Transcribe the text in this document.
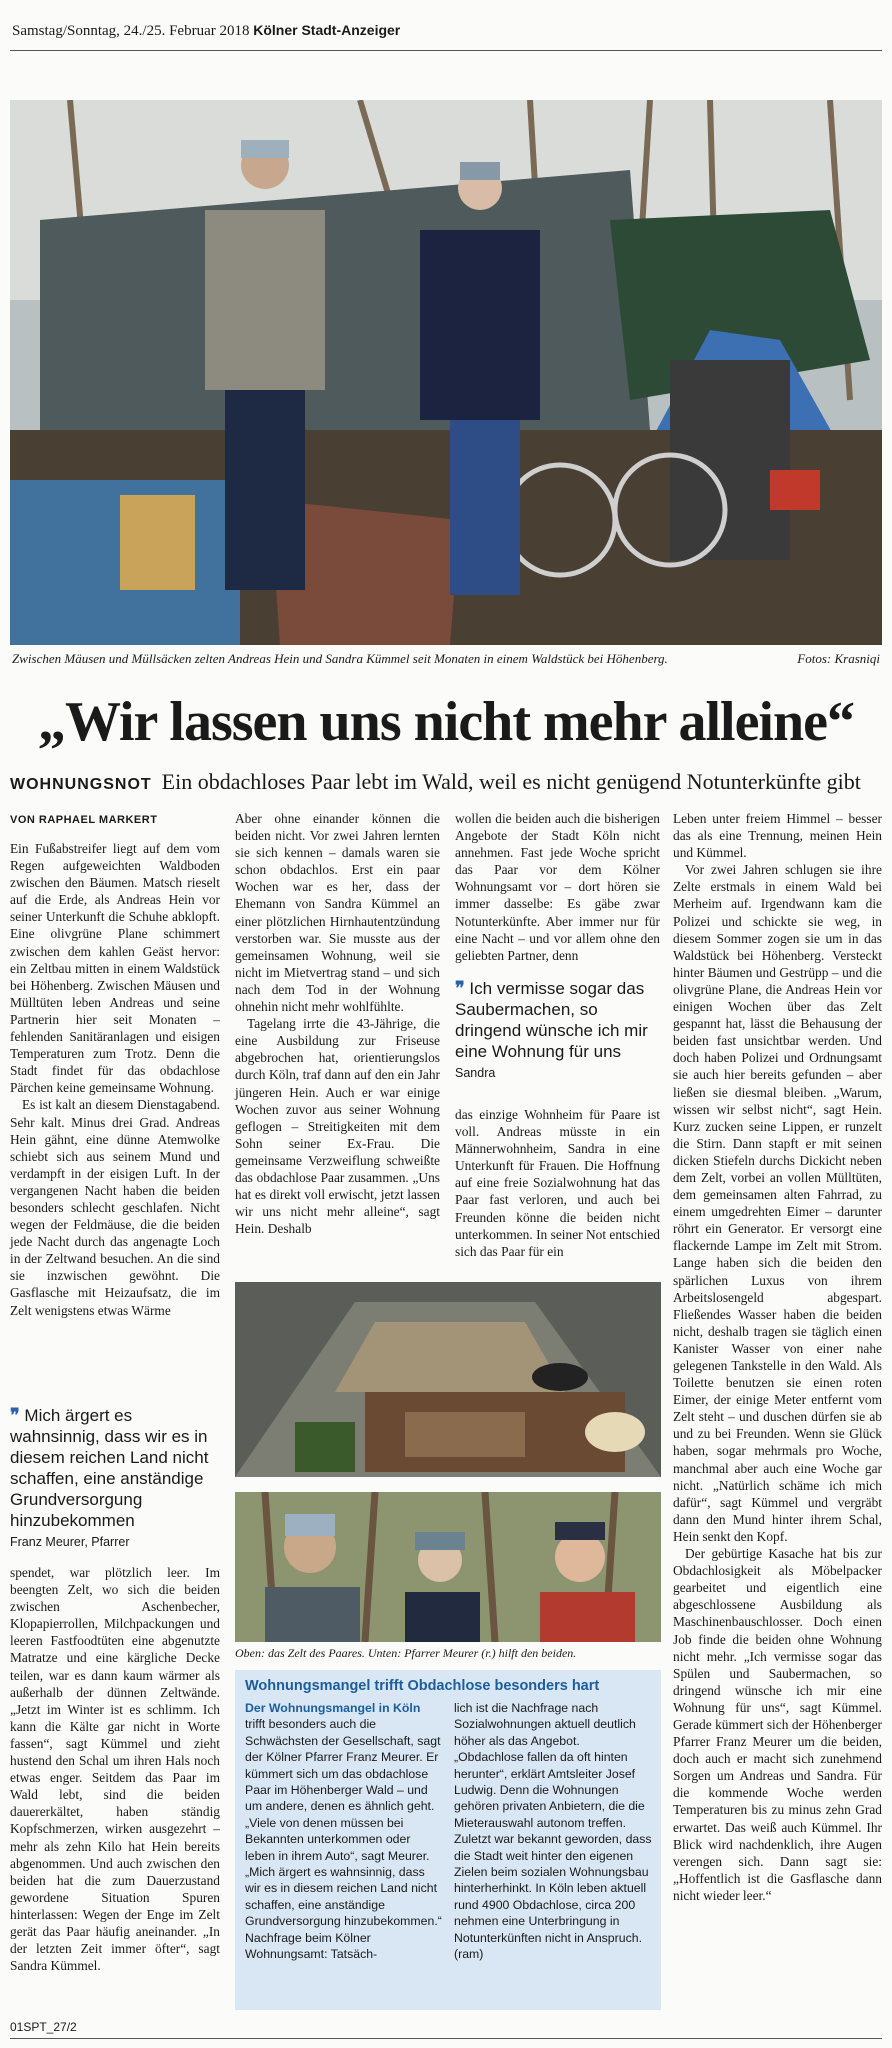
Samstag/Sonntag, 24./25. Februar 2018 Kölner Stadt-Anzeiger
Zwischen Mäusen und Müllsäcken zelten Andreas Hein und Sandra Kümmel seit Monaten in einem Waldstück bei Höhenberg.	Fotos: Krasniqi
„Wir lassen uns nicht mehr alleine“
WOHNUNGSNOT Ein obdachloses Paar lebt im Wald, weil es nicht genügend Notunterkünfte gibt
VON RAPHAEL MARKERT

Ein Fußabstreifer liegt auf dem vom Regen aufgeweichten Waldboden zwischen den Bäumen. Matsch rieselt auf die Erde, als Andreas Hein vor seiner Unterkunft die Schuhe abklopft. Eine olivgrüne Plane schimmert zwischen dem kahlen Geäst hervor: ein Zeltbau mitten in einem Waldstück bei Höhenberg. Zwischen Mäusen und Mülltüten leben Andreas und seine Partnerin hier seit Monaten – fehlenden Sanitäranlagen und eisigen Temperaturen zum Trotz. Denn die Stadt findet für das obdachlose Pärchen keine gemeinsame Wohnung.

Es ist kalt an diesem Dienstagabend. Sehr kalt. Minus drei Grad. Andreas Hein gähnt, eine dünne Atemwolke schiebt sich aus seinem Mund und verdampft in der eisigen Luft. In der vergangenen Nacht haben die beiden besonders schlecht geschlafen. Nicht wegen der Feldmäuse, die die beiden jede Nacht durch das angenagte Loch in der Zeltwand besuchen. An die sind sie inzwischen gewöhnt. Die Gasflasche mit Heizaufsatz, die im Zelt wenigstens etwas Wärme

❞ Mich ärgert es wahnsinnig, dass wir es in diesem reichen Land nicht schaffen, eine anständige Grundversorgung hinzubekommen
Franz Meurer, Pfarrer

spendet, war plötzlich leer. Im beengten Zelt, wo sich die beiden zwischen Aschenbecher, Klopapierrollen, Milchpackungen und leeren Fastfoodtüten eine abgenutzte Matratze und eine kärgliche Decke teilen, war es dann kaum wärmer als außerhalb der dünnen Zeltwände. „Jetzt im Winter ist es schlimm. Ich kann die Kälte gar nicht in Worte fassen“, sagt Kümmel und zieht hustend den Schal um ihren Hals noch etwas enger. Seitdem das Paar im Wald lebt, sind die beiden dauererkältet, haben ständig Kopfschmerzen, wirken ausgezehrt – mehr als zehn Kilo hat Hein bereits abgenommen. Und auch zwischen den beiden hat die zum Dauerzustand gewordene Situation Spuren hinterlassen: Wegen der Enge im Zelt gerät das Paar häufig aneinander. „In der letzten Zeit immer öfter“, sagt Sandra Kümmel.

Aber ohne einander können die beiden nicht. Vor zwei Jahren lernten sie sich kennen – damals waren sie schon obdachlos. Erst ein paar Wochen war es her, dass der Ehemann von Sandra Kümmel an einer plötzlichen Hirnhautentzündung verstorben war. Sie musste aus der gemeinsamen Wohnung, weil sie nicht im Mietvertrag stand – und sich nach dem Tod in der Wohnung ohnehin nicht mehr wohlfühlte.

Tagelang irrte die 43-Jährige, die eine Ausbildung zur Friseuse abgebrochen hat, orientierungslos durch Köln, traf dann auf den ein Jahr jüngeren Hein. Auch er war einige Wochen zuvor aus seiner Wohnung geflogen – Streitigkeiten mit dem Sohn seiner Ex-Frau. Die gemeinsame Verzweiflung schweißte das obdachlose Paar zusammen. „Uns hat es direkt voll erwischt, jetzt lassen wir uns nicht mehr alleine“, sagt Hein. Deshalb

wollen die beiden auch die bisherigen Angebote der Stadt Köln nicht annehmen. Fast jede Woche spricht das Paar vor dem Kölner Wohnungsamt vor – dort hören sie immer dasselbe: Es gäbe zwar Notunterkünfte. Aber immer nur für eine Nacht – und vor allem ohne den geliebten Partner, denn

❞ Ich vermisse sogar das Saubermachen, so dringend wünsche ich mir eine Wohnung für uns
Sandra

das einzige Wohnheim für Paare ist voll. Andreas müsste in ein Männerwohnheim, Sandra in eine Unterkunft für Frauen. Die Hoffnung auf eine freie Sozialwohnung hat das Paar fast verloren, und auch bei Freunden könne die beiden nicht unterkommen. In seiner Not entschied sich das Paar für ein

Oben: das Zelt des Paares. Unten: Pfarrer Meurer (r.) hilft den beiden.
Wohnungsmangel trifft Obdachlose besonders hart
Der Wohnungsmangel in Köln trifft besonders auch die Schwächsten der Gesellschaft, sagt der Kölner Pfarrer Franz Meurer. Er kümmert sich um das obdachlose Paar im Höhenberger Wald – und um andere, denen es ähnlich geht. „Viele von denen müssen bei Bekannten unterkommen oder leben in ihrem Auto“, sagt Meurer. „Mich ärgert es wahnsinnig, dass wir es in diesem reichen Land nicht schaffen, eine anständige Grundversorgung hinzubekommen.“ Nachfrage beim Kölner Wohnungsamt: Tatsäch-
lich ist die Nachfrage nach Sozialwohnungen aktuell deutlich höher als das Angebot. „Obdachlose fallen da oft hinten herunter“, erklärt Amtsleiter Josef Ludwig. Denn die Wohnungen gehören privaten Anbietern, die die Mieterauswahl autonom treffen. Zuletzt war bekannt geworden, dass die Stadt weit hinter den eigenen Zielen beim sozialen Wohnungsbau hinterherhinkt. In Köln leben aktuell rund 4900 Obdachlose, circa 200 nehmen eine Unterbringung in Notunterkünften nicht in Anspruch. (ram)

Leben unter freiem Himmel – besser das als eine Trennung, meinen Hein und Kümmel.

Vor zwei Jahren schlugen sie ihre Zelte erstmals in einem Wald bei Merheim auf. Irgendwann kam die Polizei und schickte sie weg, in diesem Sommer zogen sie um in das Waldstück bei Höhenberg. Versteckt hinter Bäumen und Gestrüpp – und die olivgrüne Plane, die Andreas Hein vor einigen Wochen über das Zelt gespannt hat, lässt die Behausung der beiden fast unsichtbar werden. Und doch haben Polizei und Ordnungsamt sie auch hier bereits gefunden – aber ließen sie diesmal bleiben. „Warum, wissen wir selbst nicht“, sagt Hein. Kurz zucken seine Lippen, er runzelt die Stirn. Dann stapft er mit seinen dicken Stiefeln durchs Dickicht neben dem Zelt, vorbei an vollen Mülltüten, dem gemeinsamen alten Fahrrad, zu einem umgedrehten Eimer – darunter röhrt ein Generator. Er versorgt eine flackernde Lampe im Zelt mit Strom. Lange haben sich die beiden den spärlichen Luxus von ihrem Arbeitslosengeld abgespart. Fließendes Wasser haben die beiden nicht, deshalb tragen sie täglich einen Kanister Wasser von einer nahe gelegenen Tankstelle in den Wald. Als Toilette benutzen sie einen roten Eimer, der einige Meter entfernt vom Zelt steht – und duschen dürfen sie ab und zu bei Freunden. Wenn sie Glück haben, sogar mehrmals pro Woche, manchmal aber auch eine Woche gar nicht. „Natürlich schäme ich mich dafür“, sagt Kümmel und vergräbt dann den Mund hinter ihrem Schal, Hein senkt den Kopf.

Der gebürtige Kasache hat bis zur Obdachlosigkeit als Möbelpacker gearbeitet und eigentlich eine abgeschlossene Ausbildung als Maschinenbauschlosser. Doch einen Job finde die beiden ohne Wohnung nicht mehr. „Ich vermisse sogar das Spülen und Saubermachen, so dringend wünsche ich mir eine Wohnung für uns“, sagt Kümmel. Gerade kümmert sich der Höhenberger Pfarrer Franz Meurer um die beiden, doch auch er macht sich zunehmend Sorgen um Andreas und Sandra. Für die kommende Woche werden Temperaturen bis zu minus zehn Grad erwartet. Das weiß auch Kümmel. Ihr Blick wird nachdenklich, ihre Augen verengen sich. Dann sagt sie: „Hoffentlich ist die Gasflasche dann nicht wieder leer.“

01SPT_27/2
